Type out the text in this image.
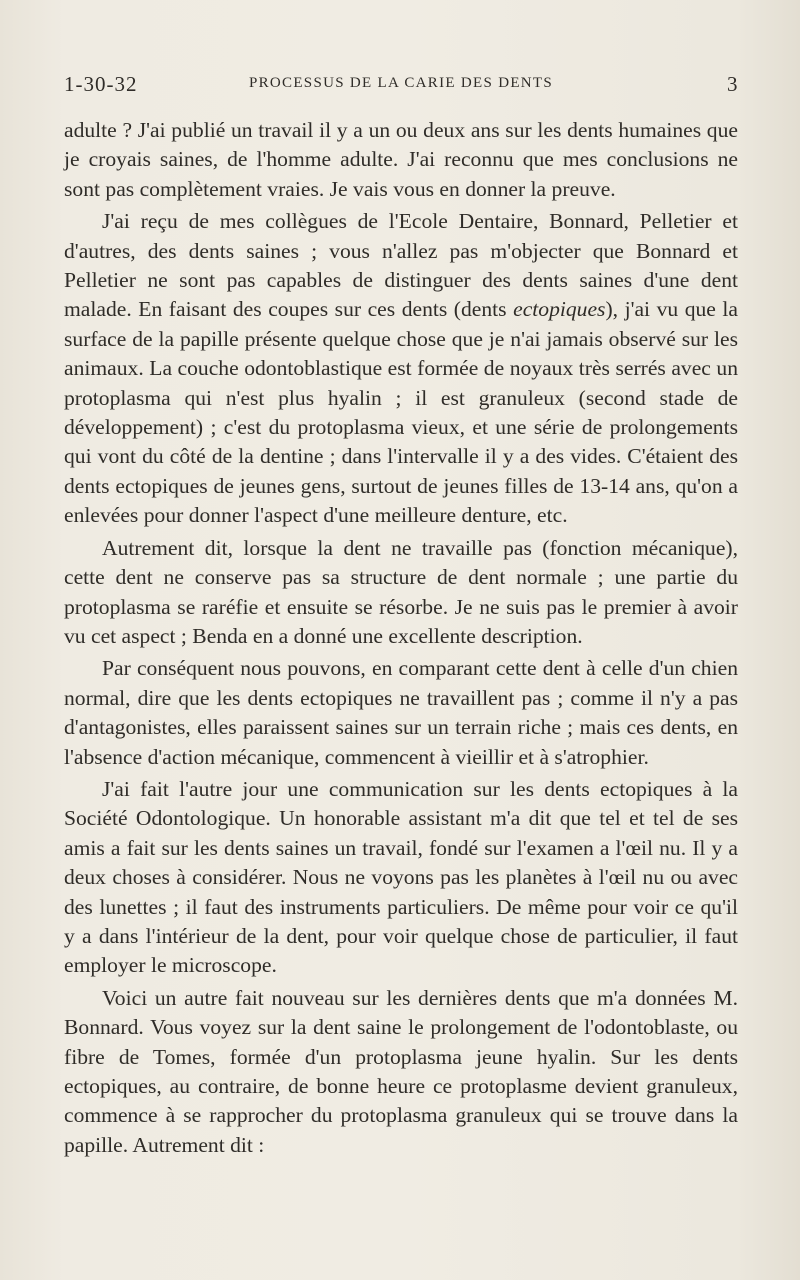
1-30-32	PROCESSUS DE LA CARIE DES DENTS	3

adulte ? J'ai publié un travail il y a un ou deux ans sur les dents humaines que je croyais saines, de l'homme adulte. J'ai reconnu que mes conclusions ne sont pas complètement vraies. Je vais vous en donner la preuve.

J'ai reçu de mes collègues de l'Ecole Dentaire, Bonnard, Pelletier et d'autres, des dents saines ; vous n'allez pas m'objecter que Bonnard et Pelletier ne sont pas capables de distinguer des dents saines d'une dent malade. En faisant des coupes sur ces dents (dents ectopiques), j'ai vu que la surface de la papille présente quelque chose que je n'ai jamais observé sur les animaux. La couche odontoblastique est formée de noyaux très serrés avec un protoplasma qui n'est plus hyalin ; il est granuleux (second stade de développement) ; c'est du protoplasma vieux, et une série de prolongements qui vont du côté de la dentine ; dans l'intervalle il y a des vides. C'étaient des dents ectopiques de jeunes gens, surtout de jeunes filles de 13-14 ans, qu'on a enlevées pour donner l'aspect d'une meilleure denture, etc.

Autrement dit, lorsque la dent ne travaille pas (fonction mécanique), cette dent ne conserve pas sa structure de dent normale ; une partie du protoplasma se raréfie et ensuite se résorbe. Je ne suis pas le premier à avoir vu cet aspect ; Benda en a donné une excellente description.

Par conséquent nous pouvons, en comparant cette dent à celle d'un chien normal, dire que les dents ectopiques ne travaillent pas ; comme il n'y a pas d'antagonistes, elles paraissent saines sur un terrain riche ; mais ces dents, en l'absence d'action mécanique, commencent à vieillir et à s'atrophier.

J'ai fait l'autre jour une communication sur les dents ectopiques à la Société Odontologique. Un honorable assistant m'a dit que tel et tel de ses amis a fait sur les dents saines un travail, fondé sur l'examen a l'œil nu. Il y a deux choses à considérer. Nous ne voyons pas les planètes à l'œil nu ou avec des lunettes ; il faut des instruments particuliers. De même pour voir ce qu'il y a dans l'intérieur de la dent, pour voir quelque chose de particulier, il faut employer le microscope.

Voici un autre fait nouveau sur les dernières dents que m'a données M. Bonnard. Vous voyez sur la dent saine le prolongement de l'odontoblaste, ou fibre de Tomes, formée d'un protoplasma jeune hyalin. Sur les dents ectopiques, au contraire, de bonne heure ce protoplasme devient granuleux, commence à se rapprocher du protoplasma granuleux qui se trouve dans la papille. Autrement dit :
